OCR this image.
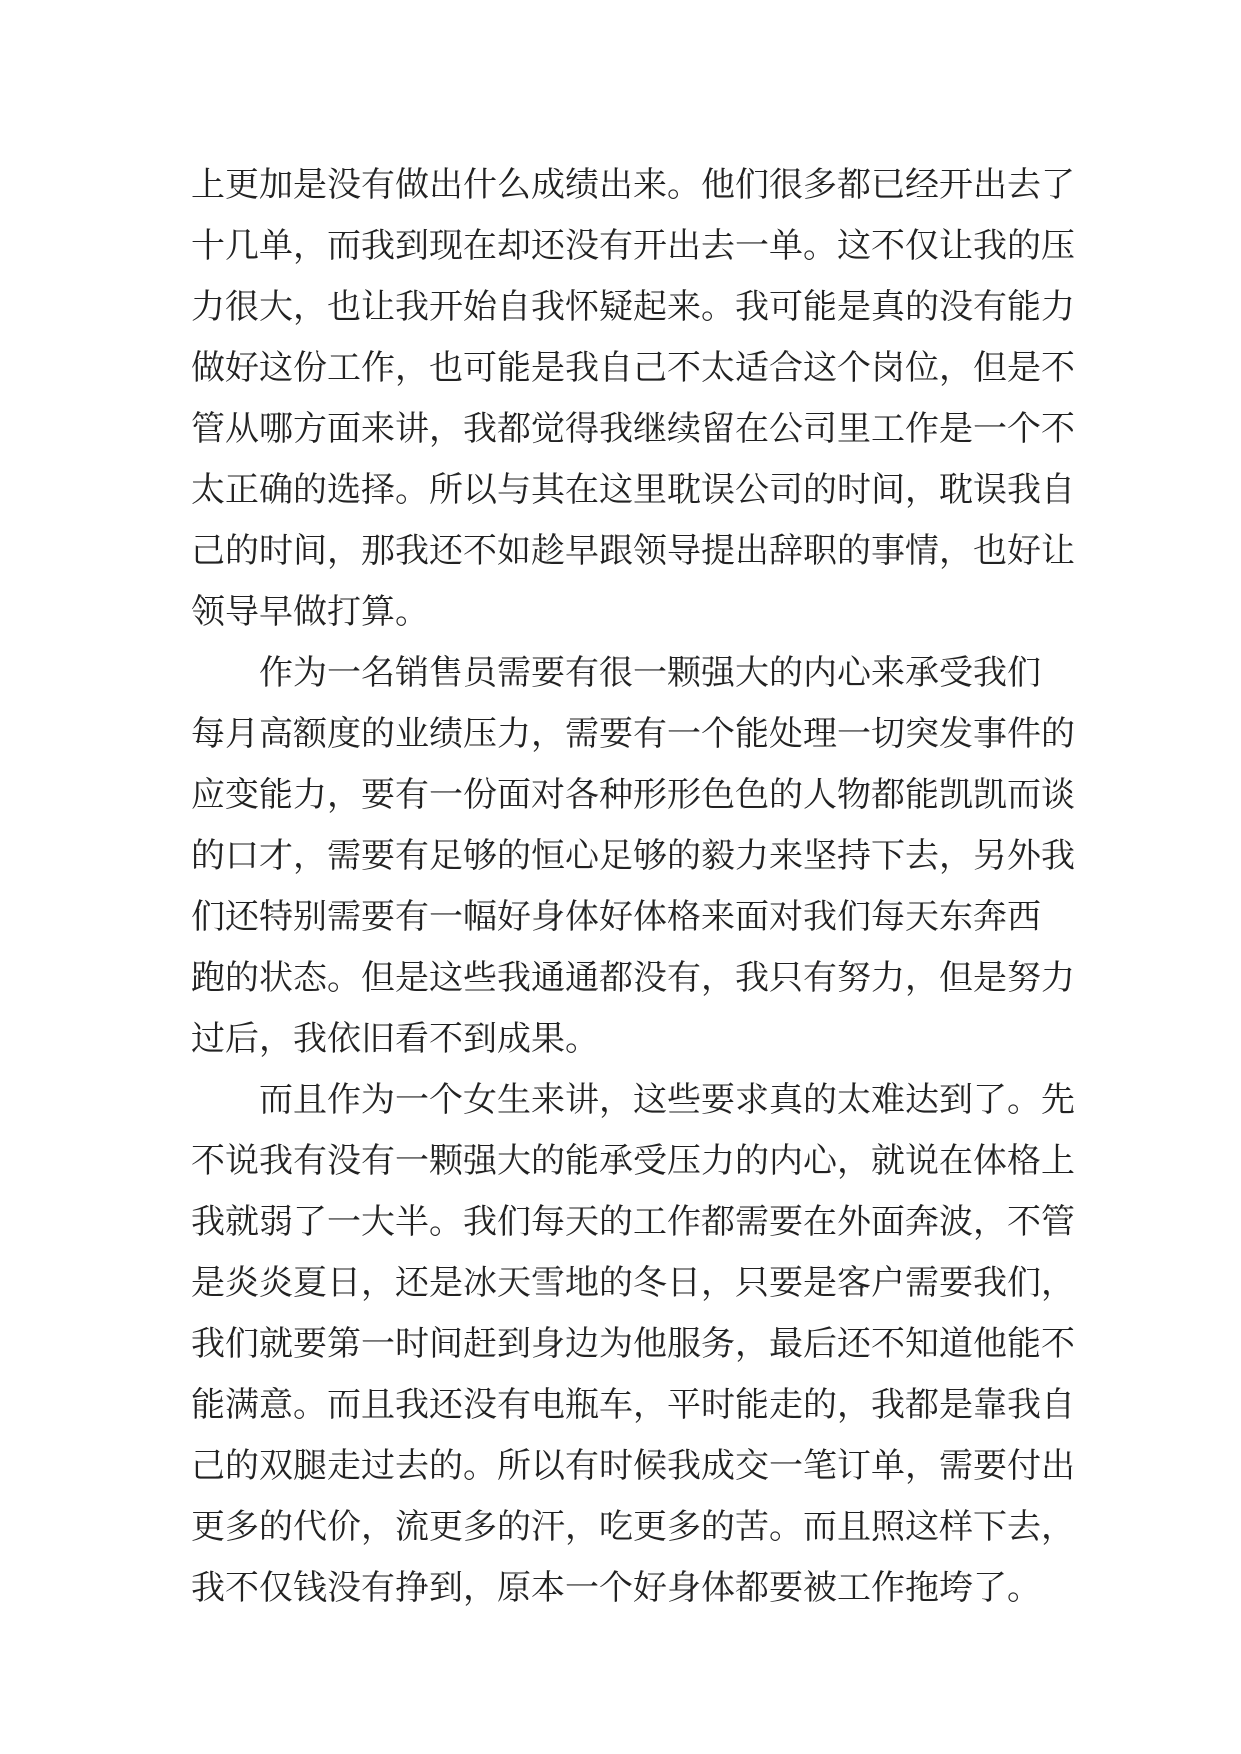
上更加是没有做出什么成绩出来。他们很多都已经开出去了
十几单，而我到现在却还没有开出去一单。这不仅让我的压
力很大，也让我开始自我怀疑起来。我可能是真的没有能力
做好这份工作，也可能是我自己不太适合这个岗位，但是不
管从哪方面来讲，我都觉得我继续留在公司里工作是一个不
太正确的选择。所以与其在这里耽误公司的时间，耽误我自
己的时间，那我还不如趁早跟领导提出辞职的事情，也好让
领导早做打算。
作为一名销售员需要有很一颗强大的内心来承受我们
每月高额度的业绩压力，需要有一个能处理一切突发事件的
应变能力，要有一份面对各种形形色色的人物都能凯凯而谈
的口才，需要有足够的恒心足够的毅力来坚持下去，另外我
们还特别需要有一幅好身体好体格来面对我们每天东奔西
跑的状态。但是这些我通通都没有，我只有努力，但是努力
过后，我依旧看不到成果。
而且作为一个女生来讲，这些要求真的太难达到了。先
不说我有没有一颗强大的能承受压力的内心，就说在体格上
我就弱了一大半。我们每天的工作都需要在外面奔波，不管
是炎炎夏日，还是冰天雪地的冬日，只要是客户需要我们，
我们就要第一时间赶到身边为他服务，最后还不知道他能不
能满意。而且我还没有电瓶车，平时能走的，我都是靠我自
己的双腿走过去的。所以有时候我成交一笔订单，需要付出
更多的代价，流更多的汗，吃更多的苦。而且照这样下去，
我不仅钱没有挣到，原本一个好身体都要被工作拖垮了。
